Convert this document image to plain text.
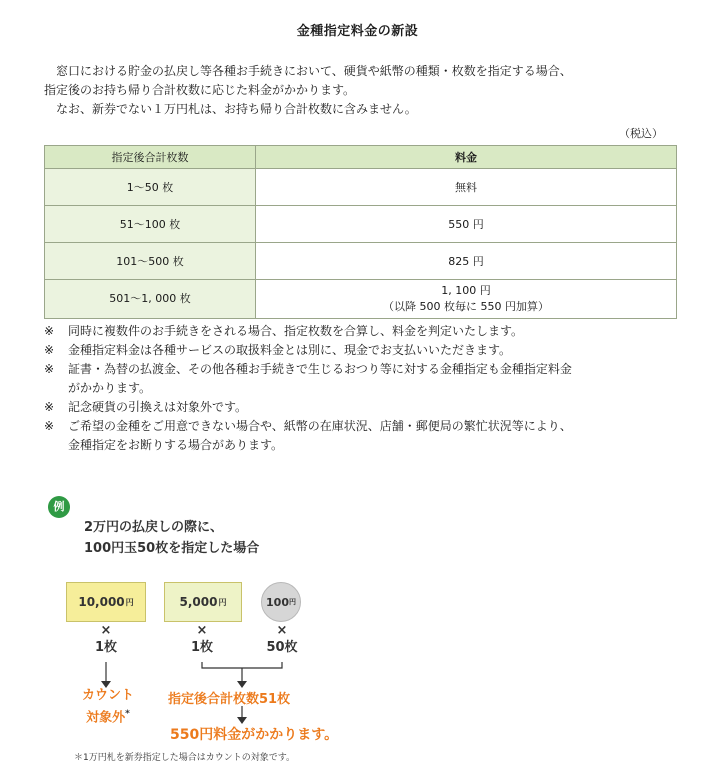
金種指定料金の新設

窓口における貯金の払戻し等各種お手続きにおいて、硬貨や紙幣の種類・枚数を指定する場合、

指定後のお持ち帰り合計枚数に応じた料金がかかります。

なお、新券でない１万円札は、お持ち帰り合計枚数に含みません。

（税込）
指定後合計枚数	料金
1～50 枚	無料
51～100 枚	550 円
101～500 枚	825 円
501～1, 000 枚	1, 100 円
（以降 500 枚毎に 550 円加算）
※	同時に複数件のお手続きをされる場合、指定枚数を合算し、料金を判定いたします。
※	金種指定料金は各種サービスの取扱料金とは別に、現金でお支払いいただきます。
※	証書・為替の払渡金、その他各種お手続きで生じるおつり等に対する金種指定も金種指定料金
がかかります。
※	記念硬貨の引換えは対象外です。
※	ご希望の金種をご用意できない場合や、紙幣の在庫状況、店舗・郵便局の繁忙状況等により、
金種指定をお断りする場合があります。
例
2万円の払戻しの際に、
100円玉50枚を指定した場合
10,000 円	5,000 円	100 円
×
1枚
×
1枚
×
50枚
カウント
対象外*
指定後合計枚数51枚
550円料金がかかります。
＊1万円札を新券指定した場合はカウントの対象です。
